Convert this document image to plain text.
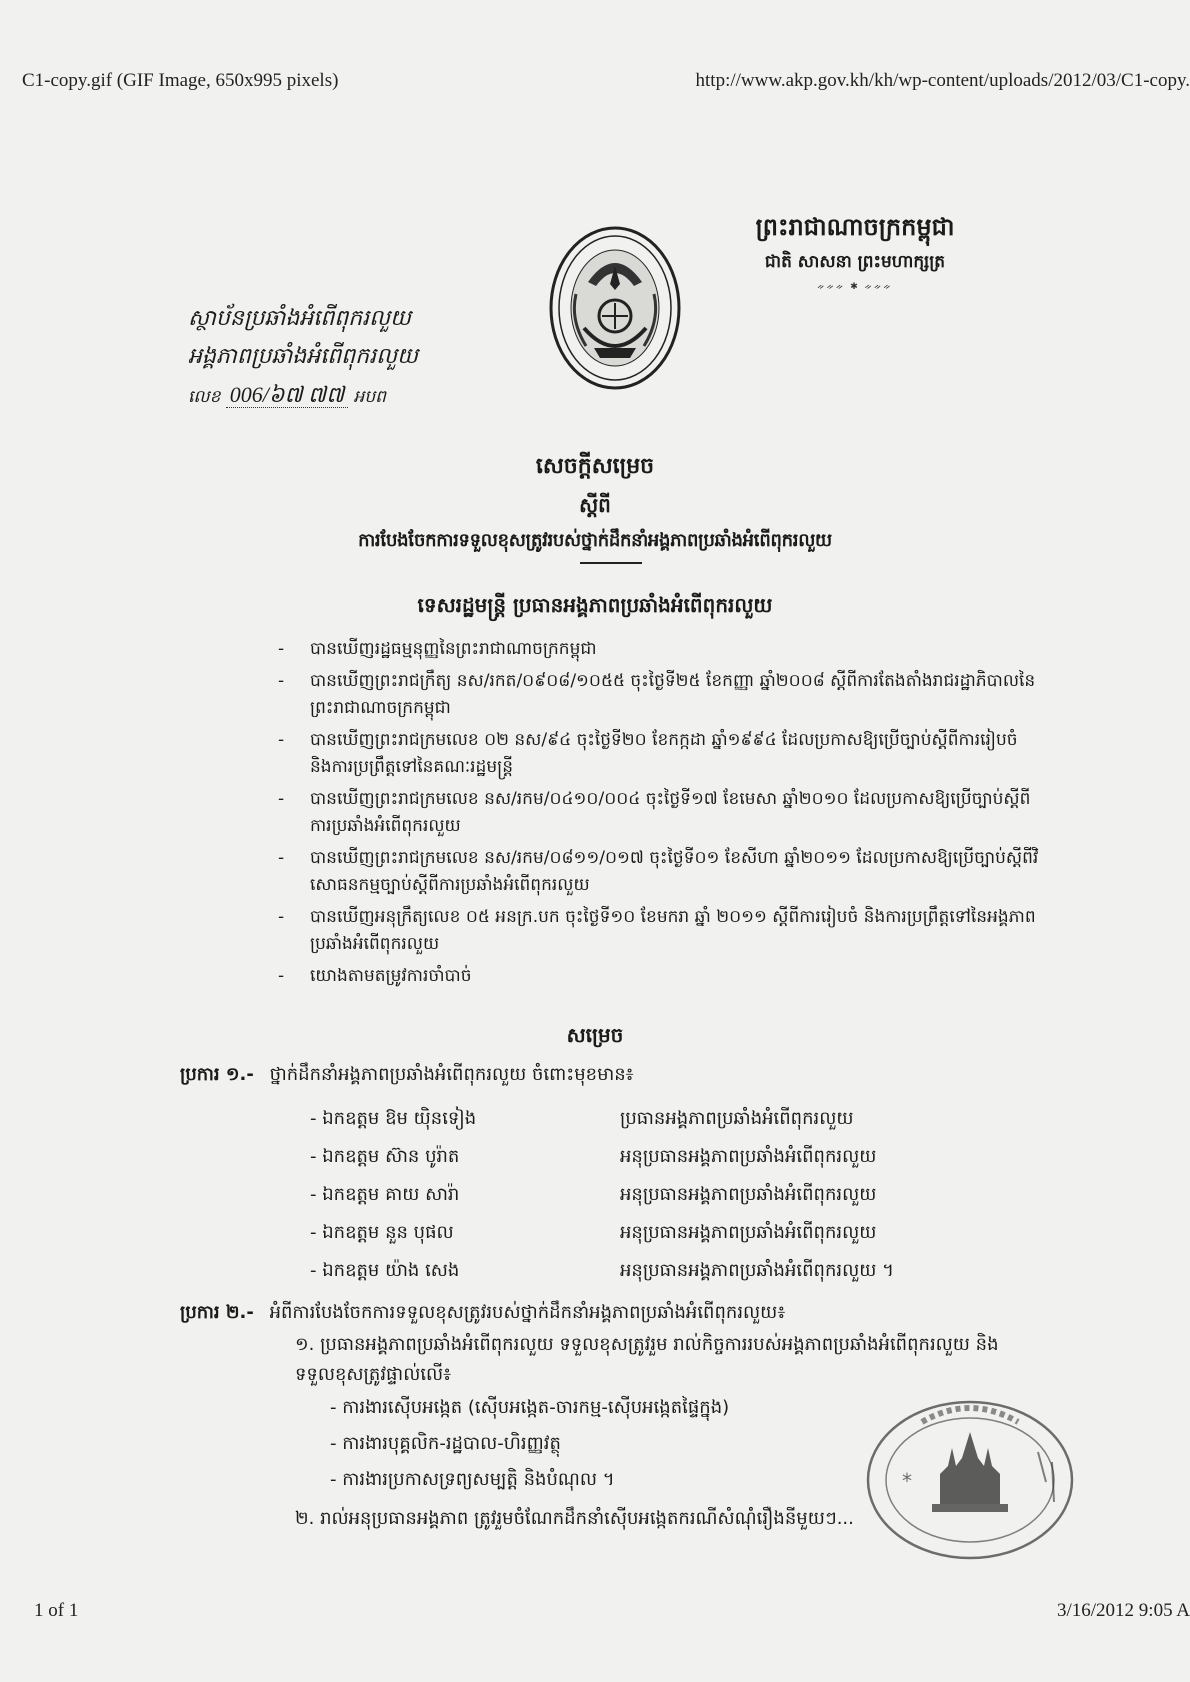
C1-copy.gif (GIF Image, 650x995 pixels)	http://www.akp.gov.kh/kh/wp-content/uploads/2012/03/C1-copy.
ព្រះរាជាណាចក្រកម្ពុជា
ជាតិ សាសនា ព្រះមហាក្សត្រ
ᨀᨀᨀ ✱ ᨀᨀᨀ
ស្ថាប័នប្រឆាំងអំពើពុករលួយ
អង្គភាពប្រឆាំងអំពើពុករលួយ
លេខ 006/៦៧ ៧៧ អបព
សេចក្តីសម្រេច
ស្តីពី
ការបែងចែកការទទួលខុសត្រូវរបស់ថ្នាក់ដឹកនាំអង្គភាពប្រឆាំងអំពើពុករលួយ
ទេសរដ្ឋមន្ត្រី ប្រធានអង្គភាពប្រឆាំងអំពើពុករលួយ
- បានឃើញរដ្ឋធម្មនុញ្ញនៃព្រះរាជាណាចក្រកម្ពុជា
- បានឃើញព្រះរាជក្រឹត្យ នស/រកត/០៩០៨/១០៥៥ ចុះថ្ងៃទី២៥ ខែកញ្ញា ឆ្នាំ២០០៨ ស្តីពីការតែងតាំងរាជរដ្ឋាភិបាលនៃព្រះរាជាណាចក្រកម្ពុជា
- បានឃើញព្រះរាជក្រមលេខ ០២ នស/៩៤ ចុះថ្ងៃទី២០ ខែកក្កដា ឆ្នាំ១៩៩៤ ដែលប្រកាសឱ្យប្រើច្បាប់ស្តីពីការរៀបចំ និងការប្រព្រឹត្តទៅនៃគណៈរដ្ឋមន្ត្រី
- បានឃើញព្រះរាជក្រមលេខ នស/រកម/០៤១០/០០៤ ចុះថ្ងៃទី១៧ ខែមេសា ឆ្នាំ២០១០ ដែលប្រកាសឱ្យប្រើច្បាប់ស្តីពីការប្រឆាំងអំពើពុករលួយ
- បានឃើញព្រះរាជក្រមលេខ នស/រកម/០៨១១/០១៧ ចុះថ្ងៃទី០១ ខែសីហា ឆ្នាំ២០១១ ដែលប្រកាសឱ្យប្រើច្បាប់ស្តីពីវិសោធនកម្មច្បាប់ស្តីពីការប្រឆាំងអំពើពុករលួយ
- បានឃើញអនុក្រឹត្យលេខ ០៥ អនក្រ.បក ចុះថ្ងៃទី១០ ខែមករា ឆ្នាំ ២០១១ ស្តីពីការរៀបចំ និងការប្រព្រឹត្តទៅនៃអង្គភាពប្រឆាំងអំពើពុករលួយ
- យោងតាមតម្រូវការចាំបាច់
សម្រេច
ប្រការ ១.- ថ្នាក់ដឹកនាំអង្គភាពប្រឆាំងអំពើពុករលួយ ចំពោះមុខមាន៖
- ឯកឧត្តម ឱម យ៉ិនទៀង	ប្រធានអង្គភាពប្រឆាំងអំពើពុករលួយ
- ឯកឧត្តម ស៊ាន បូរ៉ាត	អនុប្រធានអង្គភាពប្រឆាំងអំពើពុករលួយ
- ឯកឧត្តម គាយ សារ៉ា	អនុប្រធានអង្គភាពប្រឆាំងអំពើពុករលួយ
- ឯកឧត្តម នួន បុផល	អនុប្រធានអង្គភាពប្រឆាំងអំពើពុករលួយ
- ឯកឧត្តម យ៉ាង សេង	អនុប្រធានអង្គភាពប្រឆាំងអំពើពុករលួយ ។
ប្រការ ២.- អំពីការបែងចែកការទទួលខុសត្រូវរបស់ថ្នាក់ដឹកនាំអង្គភាពប្រឆាំងអំពើពុករលួយ៖
១. ប្រធានអង្គភាពប្រឆាំងអំពើពុករលួយ ទទួលខុសត្រូវរួម រាល់កិច្ចការរបស់អង្គភាពប្រឆាំងអំពើពុករលួយ និងទទួលខុសត្រូវផ្ទាល់លើ៖
- ការងារស៊ើបអង្កេត (ស៊ើបអង្កេត-ចារកម្ម-ស៊ើបអង្កេតផ្ទៃក្នុង)
- ការងារបុគ្គលិក-រដ្ឋបាល-ហិរញ្ញវត្ថុ
- ការងារប្រកាសទ្រព្យសម្បត្តិ និងបំណុល ។
២. រាល់អនុប្រធានអង្គភាព ត្រូវរួមចំណែកដឹកនាំស៊ើបអង្កេតករណីសំណុំរឿងនីមួយៗ...
*
1 of 1	3/16/2012 9:05 A
